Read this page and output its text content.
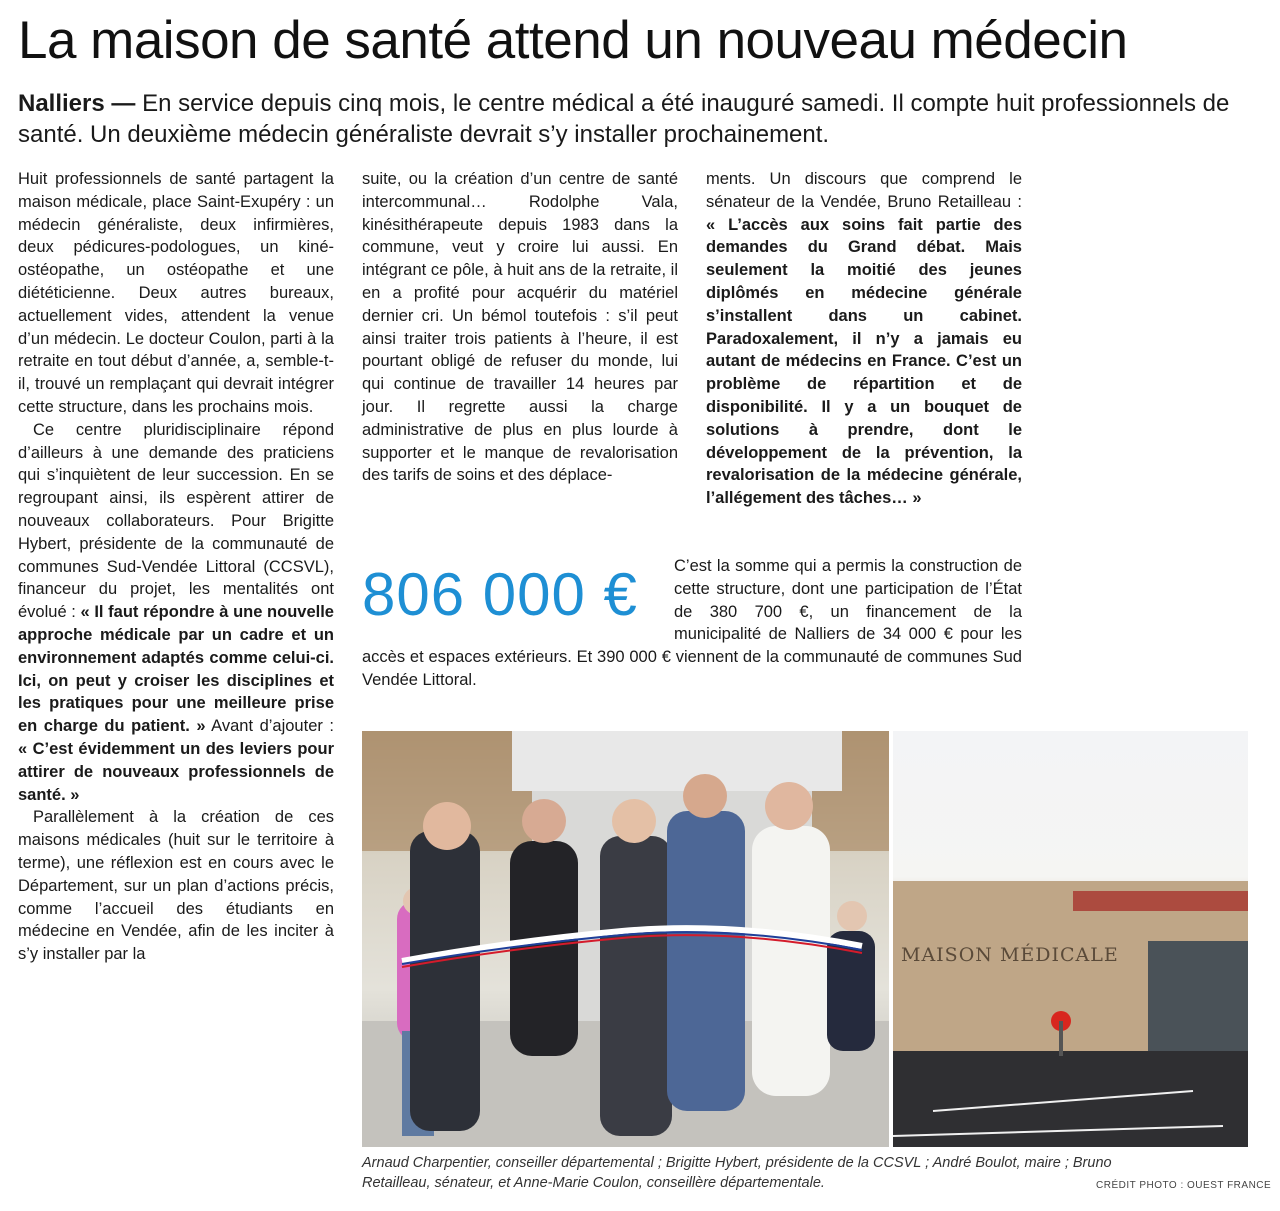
La maison de santé attend un nouveau médecin

Nalliers — En service depuis cinq mois, le centre médical a été inauguré samedi. Il compte huit professionnels de santé. Un deuxième médecin généraliste devrait s’y installer prochainement.

Huit professionnels de santé partagent la maison médicale, place Saint-Exupéry : un médecin généraliste, deux infirmières, deux pédicures-podologues, un kiné-ostéopathe, un ostéopathe et une diététicienne. Deux autres bureaux, actuellement vides, attendent la venue d’un médecin. Le docteur Coulon, parti à la retraite en tout début d’année, a, semble-t-il, trouvé un remplaçant qui devrait intégrer cette structure, dans les prochains mois.

Ce centre pluridisciplinaire répond d’ailleurs à une demande des praticiens qui s’inquiètent de leur succession. En se regroupant ainsi, ils espèrent attirer de nouveaux collaborateurs. Pour Brigitte Hybert, présidente de la communauté de communes Sud-Vendée Littoral (CCSVL), financeur du projet, les mentalités ont évolué : « Il faut répondre à une nouvelle approche médicale par un cadre et un environnement adaptés comme celui-ci. Ici, on peut y croiser les disciplines et les pratiques pour une meilleure prise en charge du patient. » Avant d’ajouter : « C’est évidemment un des leviers pour attirer de nouveaux professionnels de santé. »

Parallèlement à la création de ces maisons médicales (huit sur le territoire à terme), une réflexion est en cours avec le Département, sur un plan d’actions précis, comme l’accueil des étudiants en médecine en Vendée, afin de les inciter à s’y installer par la

suite, ou la création d’un centre de santé intercommunal… Rodolphe Vala, kinésithérapeute depuis 1983 dans la commune, veut y croire lui aussi. En intégrant ce pôle, à huit ans de la retraite, il en a profité pour acquérir du matériel dernier cri. Un bémol toutefois : s’il peut ainsi traiter trois patients à l’heure, il est pourtant obligé de refuser du monde, lui qui continue de travailler 14 heures par jour. Il regrette aussi la charge administrative de plus en plus lourde à supporter et le manque de revalorisation des tarifs de soins et des déplace-

ments. Un discours que comprend le sénateur de la Vendée, Bruno Retailleau : « L’accès aux soins fait partie des demandes du Grand débat. Mais seulement la moitié des jeunes diplômés en médecine générale s’installent dans un cabinet. Paradoxalement, il n’y a jamais eu autant de médecins en France. C’est un problème de répartition et de disponibilité. Il y a un bouquet de solutions à prendre, dont le développement de la prévention, la revalorisation de la médecine générale, l’allégement des tâches… »

806 000 €	C’est la somme qui a permis la construction de cette structure, dont une participation de l’État de 380 700 €, un financement de la municipalité de Nalliers de 34 000 € pour les accès et espaces extérieurs. Et 390 000 € viennent de la communauté de communes Sud Vendée Littoral.

MAISON MÉDICALE

Arnaud Charpentier, conseiller départemental ; Brigitte Hybert, présidente de la CCSVL ; André Boulot, maire ; Bruno Retailleau, sénateur, et Anne-Marie Coulon, conseillère départementale.	CRÉDIT PHOTO : OUEST FRANCE
